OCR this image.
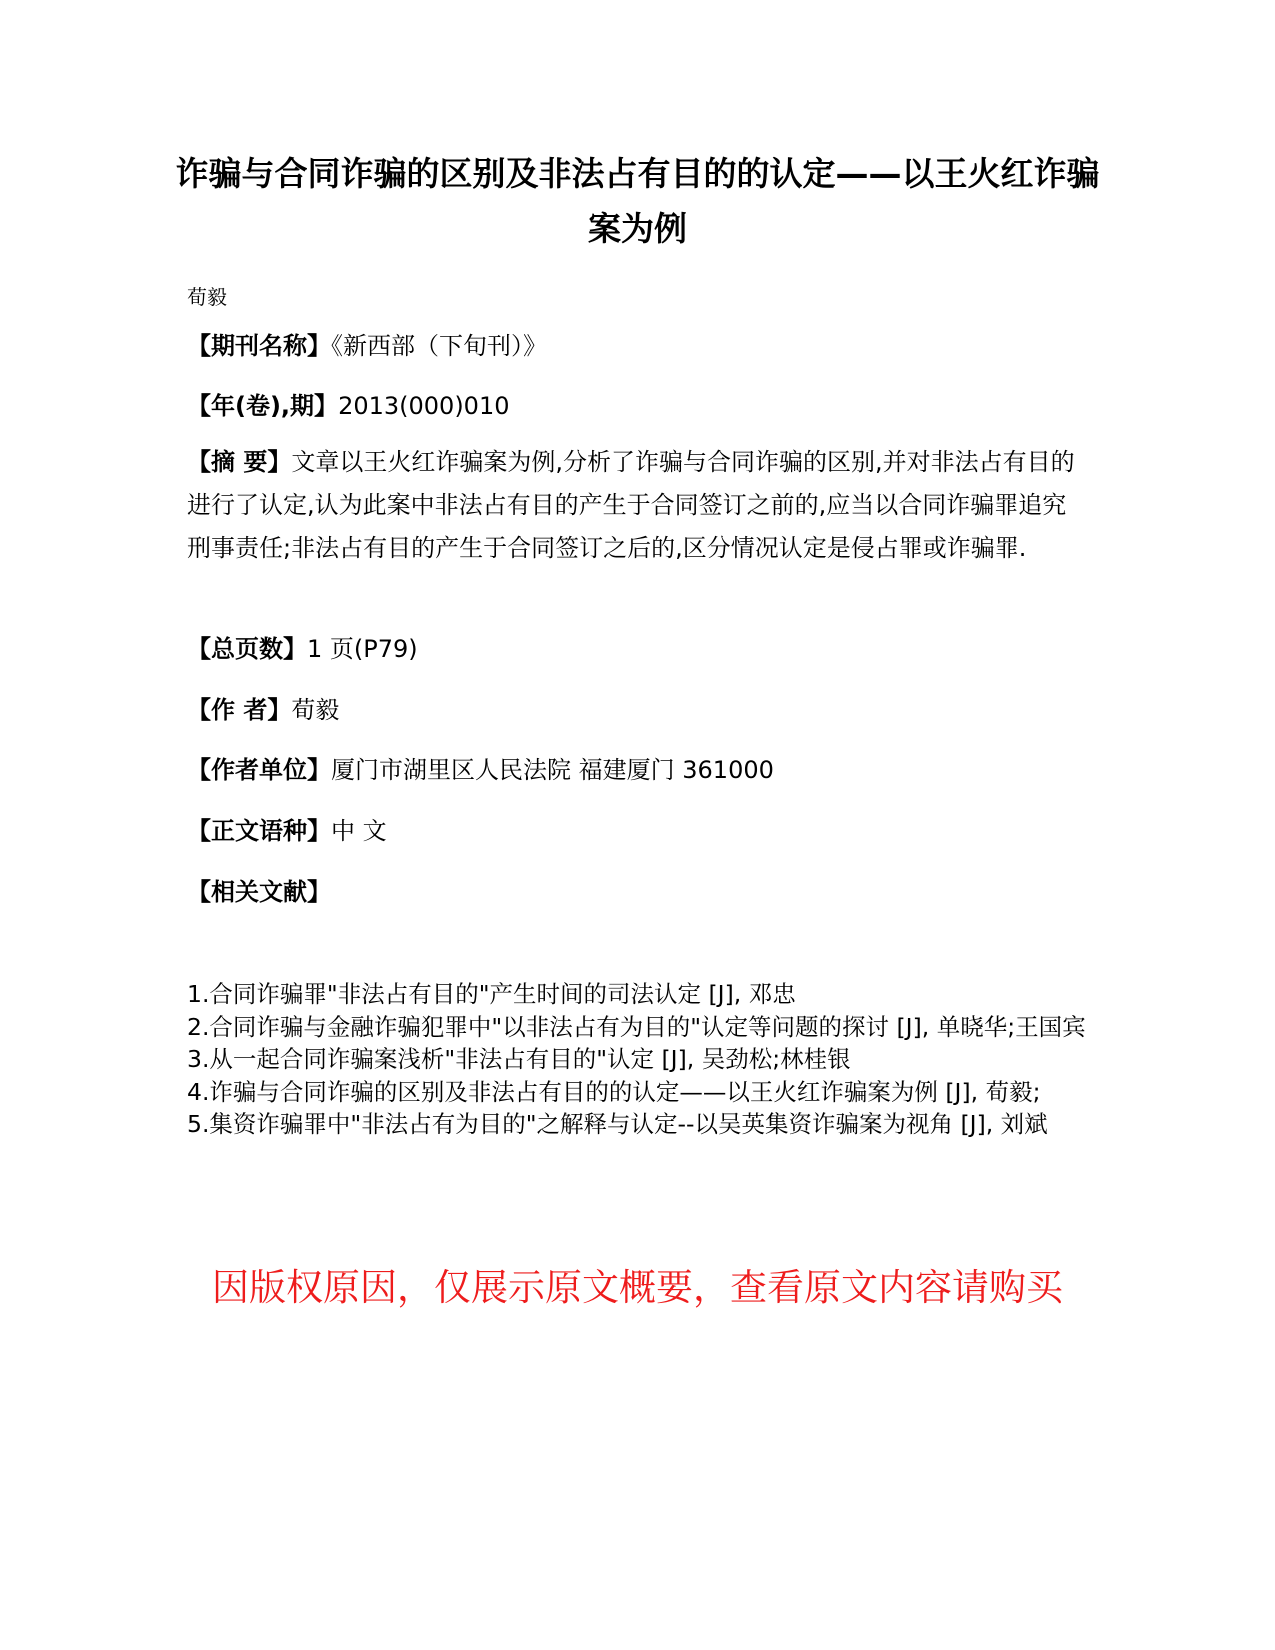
诈骗与合同诈骗的区别及非法占有目的的认定——以王火红诈骗案为例
荀毅
【期刊名称】《新西部（下旬刊）》
【年(卷),期】2013(000)010
【摘 要】文章以王火红诈骗案为例,分析了诈骗与合同诈骗的区别,并对非法占有目的进行了认定,认为此案中非法占有目的产生于合同签订之前的,应当以合同诈骗罪追究刑事责任;非法占有目的产生于合同签订之后的,区分情况认定是侵占罪或诈骗罪.
【总页数】1 页(P79)
【作 者】荀毅
【作者单位】厦门市湖里区人民法院 福建厦门 361000
【正文语种】中 文
【相关文献】
1.合同诈骗罪"非法占有目的"产生时间的司法认定 [J], 邓忠
2.合同诈骗与金融诈骗犯罪中"以非法占有为目的"认定等问题的探讨 [J], 单晓华;王国宾
3.从一起合同诈骗案浅析"非法占有目的"认定 [J], 吴劲松;林桂银
4.诈骗与合同诈骗的区别及非法占有目的的认定——以王火红诈骗案为例 [J], 荀毅;
5.集资诈骗罪中"非法占有为目的"之解释与认定--以吴英集资诈骗案为视角 [J], 刘斌
因版权原因，仅展示原文概要，查看原文内容请购买
